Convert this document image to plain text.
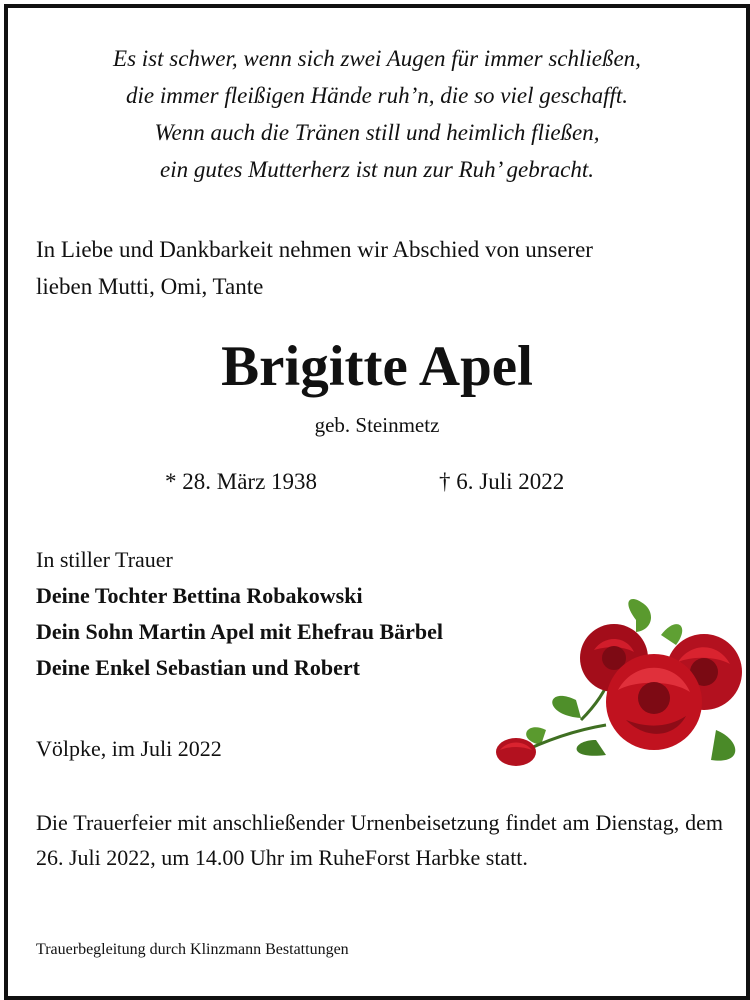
Es ist schwer, wenn sich zwei Augen für immer schließen,
die immer fleißigen Hände ruh’n, die so viel geschafft.
Wenn auch die Tränen still und heimlich fließen,
ein gutes Mutterherz ist nun zur Ruh’ gebracht.
In Liebe und Dankbarkeit nehmen wir Abschied von unserer
lieben Mutti, Omi, Tante
Brigitte Apel
geb. Steinmetz
* 28. März 1938	† 6. Juli 2022
In stiller Trauer
Deine Tochter Bettina Robakowski
Dein Sohn Martin Apel mit Ehefrau Bärbel
Deine Enkel Sebastian und Robert
Völpke, im Juli 2022
Die Trauerfeier mit anschließender Urnenbeisetzung findet am Dienstag, dem 26. Juli 2022, um 14.00 Uhr im RuheForst Harbke statt.
Trauerbegleitung durch Klinzmann Bestattungen
